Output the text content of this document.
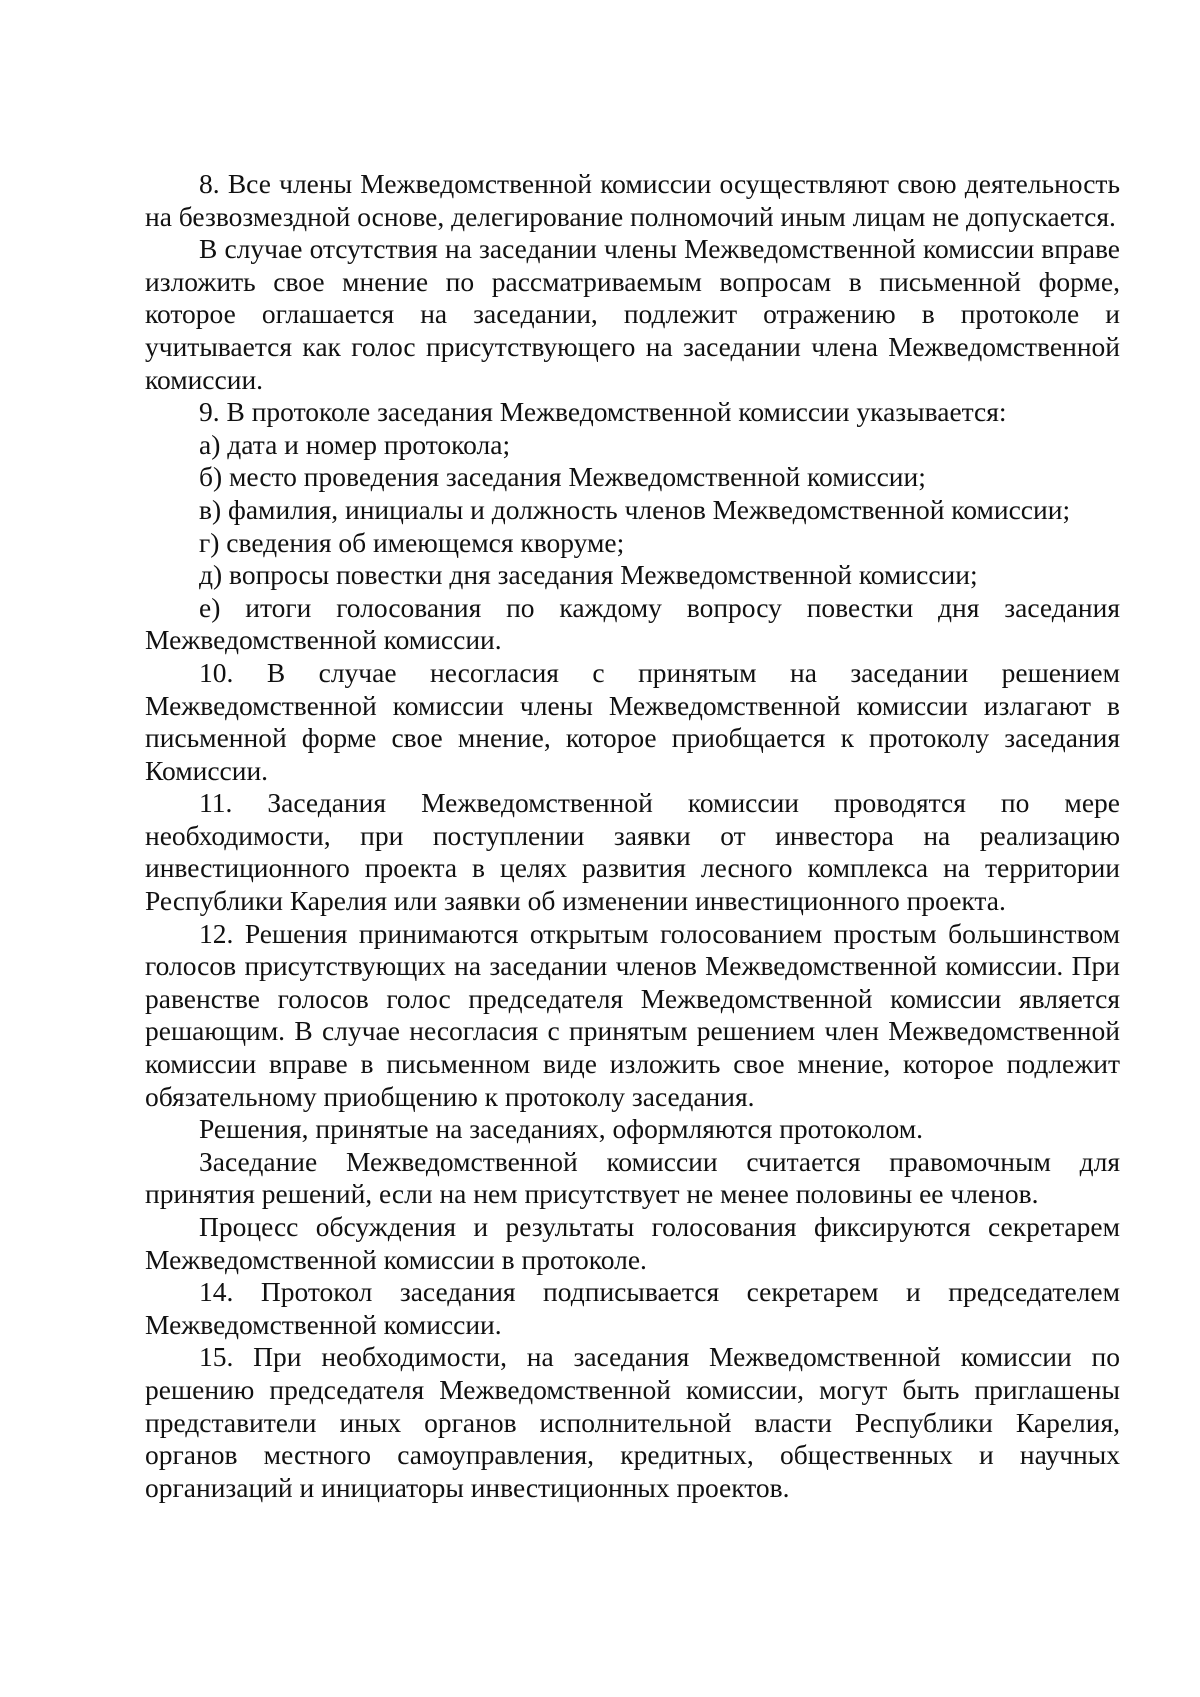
8. Все члены Межведомственной комиссии осуществляют свою деятельность на безвозмездной основе, делегирование полномочий иным лицам не допускается.

В случае отсутствия на заседании члены Межведомственной комиссии вправе изложить свое мнение по рассматриваемым вопросам в письменной форме, которое оглашается на заседании, подлежит отражению в протоколе и учитывается как голос присутствующего на заседании члена Межведомственной комиссии.

9. В протоколе заседания Межведомственной комиссии указывается:

а) дата и номер протокола;

б) место проведения заседания Межведомственной комиссии;

в) фамилия, инициалы и должность членов Межведомственной комиссии;

г) сведения об имеющемся кворуме;

д) вопросы повестки дня заседания Межведомственной комиссии;

е) итоги голосования по каждому вопросу повестки дня заседания Межведомственной комиссии.

10. В случае несогласия с принятым на заседании решением Межведомственной комиссии члены Межведомственной комиссии излагают в письменной форме свое мнение, которое приобщается к протоколу заседания Комиссии.

11. Заседания Межведомственной комиссии проводятся по мере необходимости, при поступлении заявки от инвестора на реализацию инвестиционного проекта в целях развития лесного комплекса на территории Республики Карелия или заявки об изменении инвестиционного проекта.

12. Решения принимаются открытым голосованием простым большинством голосов присутствующих на заседании членов Межведомственной комиссии. При равенстве голосов голос председателя Межведомственной комиссии является решающим. В случае несогласия с принятым решением член Межведомственной комиссии вправе в письменном виде изложить свое мнение, которое подлежит обязательному приобщению к протоколу заседания.

Решения, принятые на заседаниях, оформляются протоколом.

Заседание Межведомственной комиссии считается правомочным для принятия решений, если на нем присутствует не менее половины ее членов.

Процесс обсуждения и результаты голосования фиксируются секретарем Межведомственной комиссии в протоколе.

14. Протокол заседания подписывается секретарем и председателем Межведомственной комиссии.

15. При необходимости, на заседания Межведомственной комиссии по решению председателя Межведомственной комиссии, могут быть приглашены представители иных органов исполнительной власти Республики Карелия, органов местного самоуправления, кредитных, общественных и научных организаций и инициаторы инвестиционных проектов.
